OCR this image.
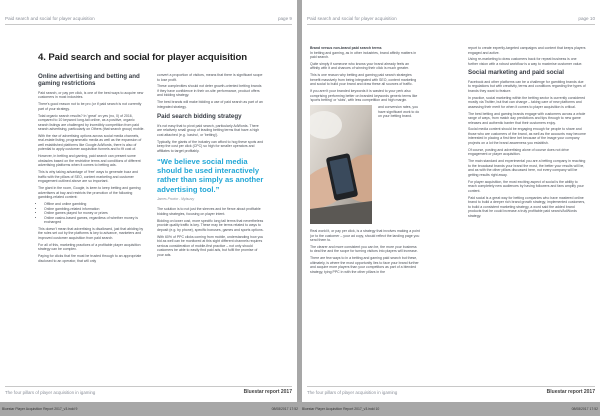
Paid search and social for player acquisition	page 9
4. Paid search and social for player acquisition
Online advertising and betting and gaming restrictions

Paid search, or pay per click, is one of the best ways to acquire new customers in most industries.

There's good reason not to be pro (or if paid search is not currently part of your strategy.

Total organic search results? In 'great' on yes (no, 0) of 2016, compared to 10 keyword long-tail online, as a positive, organic search listings are challenged by incredibly competition from paid search advertising, particularly on Others (that search group) mobile.

With the rise of advertising options across social media channels, real-estate listing, programmatic media as well as the expansion of well established platforms like Google AdWords, there is also of potential to apply customer acquisition funnels and to fit cost of.

However, in betting and gaming, paid search can present some obstacles based on the restrictive terms and conditions of different advertising platforms when it comes to betting ads.

This is why taking advantage of 'free' ways to generate buzz and traffic with the pillars of SEO, content marketing and customer engagement outlined above are so important.

The giant in the room, Google, is keen to keep betting and gaming advertisers at bay and restricts the promotion of the following gambling-related content:

• Offline and online gambling
• Online gambling-related information
• Online games played for money or prizes
• Online casino-based games, regardless of whether money is exchanged

This doesn't mean that advertising is disallowed, just that abiding by the rules set out by the platforms is key to advance, marketers and improved customer acquisition from paid search.

For all of this, marketing practices of a profitable player acquisition strategy can be complex.

Paying for clicks that fire must be trusted through to an appropriate disclosed to an operator, that will only

convert a proportion of visitors, means that there is significant scope to lose profit.

These complexities should not deter growth-oriented betting brands if they have confidence in their on-site performance, product offers and bidding strategy.

The best brands will make bidding a use of paid search as part of an integrated strategy.

Paid search bidding strategy

It's not easy that to pivot paid search, particularly AdWords. There are relatively small group of leading betting terms that have a high cost attached (e.g. 'casino', or 'betting').

Typically, the giants of the industry can afford to hog these spots and keep the cost per click (CPC) so high for smaller operators and affiliates to target profitably.

“We believe social media should be used interactively rather than simply as another advertising tool.”
James Proctor - Mybuzzy

The solution is to not just the sleeves and be fierce about profitable bidding strategies, focusing on player intent.

Bidding on lower cost, more specific long tail terms that nevertheless provide quality traffic is key. These may be terms related to ways to deposit (e.g. by phone), specific bonuses, games and sports options.

With 60% of PPC clicks coming from mobile, understanding how you bid as well can be monitored at this sight different channels requires serious consideration of mobile-first practice – not only should customers be able to easily find paid ads, but fulfil the promise of your ads.

The four pillars of player acquisition in igaming	Bluestar report 2017
Paid search and social for player acquisition	page 10
Brand versus non-brand paid search terms

In betting and gaming, as in other industries, brand affinity matters in paid search.

Quite simply if someone who knows your brand already feels an affinity with it and chances of winning their click is much greater.

This is one reason why betting and gaming paid search strategies benefit massively from being integrated with SEO, content marketing and social to build your brand and draw these all sources of traffic.

If you aren't your branded keywords it is wasted to your perk also comprising performing better on branded keywords generic terms like 'sports betting' or 'slots', with less competition and high margin.

and conversion rates, you have significant work to do on your betting brand.

Real world it, or pay per click, is a strategy that involves making a point (or to the customer – your ad copy, should reflect the landing page you send them to.

The clearer and more consistent you can be, the more your business to deal the and the scope for turning visitors into players will increase.

There are few ways to in a betting and gaming paid search but these, ultimately, is where the most opportunity lies to face your brand further and acquire more players than your competitors as part of a blended strategy, tying PPC in with the other pillars in the

report to create expertly-targeted campaigns and content that keeps players engaged and active.

Using re-marketing to draw customers back for repeat business is one further vision with a robust workflow is a way to maximise customer value.

Social marketing and paid social

Facebook and other platforms can be a challenge for gambling brands due to regulations but with creativity, terms and conditions regarding the types of brands they want to feature.

In practice, social marketing within the betting sector is currently considered mostly via Twitter, but that can change – taking care of new platforms and assessing their merit for when it comes to player acquisition is critical.

The best betting and gaming brands engage with customers across a whole range of ways, from match day predictions and tips through to new game releases and authentic banter that their customers enjoy.

Social media content should be engaging enough for people to share and those who are customers of the brand, as well as the accounts may become interested in placing a first time bet because of the image your company projects on a lot the brand awareness you establish.

Of course, posting and advertising alone of course does not drive engagement or player acquisition.

The main standard and experimental you are a betting company in reaching to the broadcast brands your brand the most, the better your results will be, and as with the other pillars discussed here, not every company will be getting results right away.

For player acquisition, the most exciting aspect of social is the ability to reach completely new audiences by having followers and fans amplify your content.

Paid social is a great way for betting companies who have mastered online brand to build a deeper rich brand growth strategy, implemented customers, to build a consistent marketing strategy, a word said the added brand products that he could increase a truly profitable paid search/AdWords strategy.

The four pillars of player acquisition in igaming	Bluestar report 2017
Bluestar Player Acquisition Report 2017_v3.indd 9	08/08/2017 17:52 Bluestar Player Acquisition Report 2017_v3.indd 10	08/08/2017 17:52
